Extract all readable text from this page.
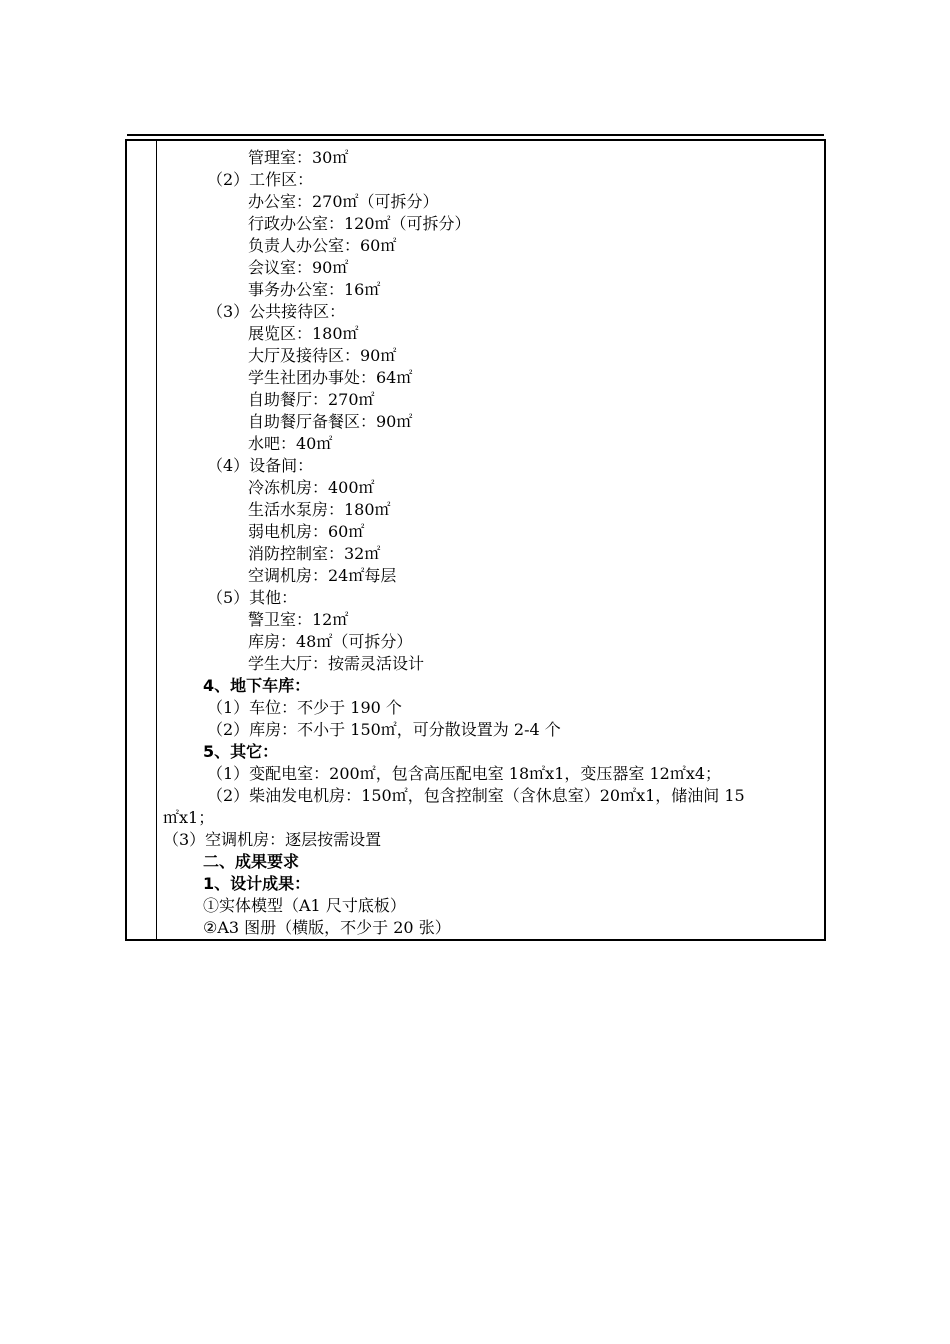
管理室：30㎡
（2）工作区：
办公室：270㎡（可拆分）
行政办公室：120㎡（可拆分）
负责人办公室：60㎡
会议室：90㎡
事务办公室：16㎡
（3）公共接待区：
展览区：180㎡
大厅及接待区：90㎡
学生社团办事处：64㎡
自助餐厅：270㎡
自助餐厅备餐区：90㎡
水吧：40㎡
（4）设备间：
冷冻机房：400㎡
生活水泵房：180㎡
弱电机房：60㎡
消防控制室：32㎡
空调机房：24㎡每层
（5）其他：
警卫室：12㎡
库房：48㎡（可拆分）
学生大厅：按需灵活设计
4、地下车库：
（1）车位：不少于 190 个
（2）库房：不小于 150㎡，可分散设置为 2-4 个
5、其它：
（1）变配电室：200㎡，包含高压配电室 18㎡x1，变压器室 12㎡x4；
（2）柴油发电机房：150㎡，包含控制室（含休息室）20㎡x1，储油间 15
㎡x1；
（3）空调机房：逐层按需设置
二、成果要求
1、设计成果：
①实体模型（A1 尺寸底板）
②A3 图册（横版，不少于 20 张）
